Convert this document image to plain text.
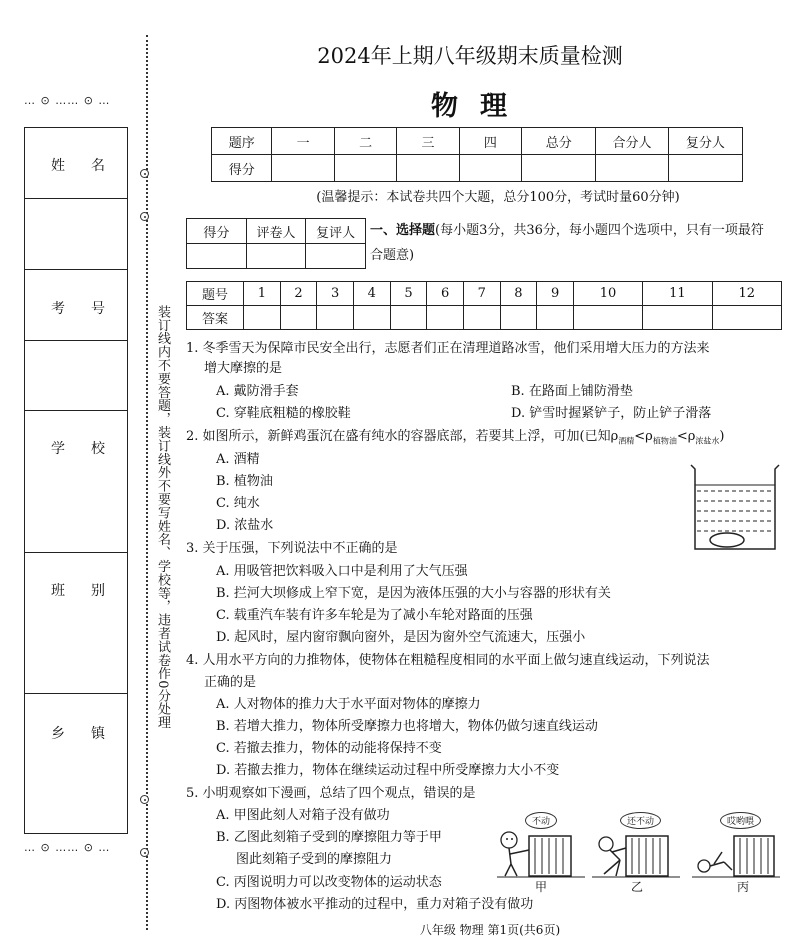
… ⊙ …… ⊙ …
姓名
考号
学校
班别
乡镇
… ⊙ …… ⊙ …
装订线内不要答题，装订线外不要写姓名、学校等，违者试卷作0分处理
2024年上期八年级期末质量检测
物理
题序	一	二	三	四	总分	合分人	复分人
得分							
(温馨提示：本试卷共四个大题，总分100分，考试时量60分钟)
得分	评卷人	复评人
		一、选择题(每小题3分，共36分，每小题四个选项中，只有一项最符
合题意)
题号	1	2	3	4	5	6	7	8	9	10	11	12
答案												
1. 冬季雪天为保障市民安全出行，志愿者们正在清理道路冰雪，他们采用增大压力的方法来
增大摩擦的是
A. 戴防滑手套	B. 在路面上铺防滑垫
C. 穿鞋底粗糙的橡胶鞋	D. 铲雪时握紧铲子，防止铲子滑落
2. 如图所示，新鲜鸡蛋沉在盛有纯水的容器底部，若要其上浮，可加(已知$\rho_{酒精}<\rho_{植物油}<\rho_{浓盐水}$)
A. 酒精
B. 植物油
C. 纯水
D. 浓盐水
3. 关于压强，下列说法中不正确的是
A. 用吸管把饮料吸入口中是利用了大气压强
B. 拦河大坝修成上窄下宽，是因为液体压强的大小与容器的形状有关
C. 载重汽车装有许多车轮是为了减小车轮对路面的压强
D. 起风时，屋内窗帘飘向窗外，是因为窗外空气流速大，压强小
4. 人用水平方向的力推物体，使物体在粗糙程度相同的水平面上做匀速直线运动，下列说法
正确的是
A. 人对物体的推力大于水平面对物体的摩擦力
B. 若增大推力，物体所受摩擦力也将增大，物体仍做匀速直线运动
C. 若撤去推力，物体的动能将保持不变
D. 若撤去推力，物体在继续运动过程中所受摩擦力大小不变
5. 小明观察如下漫画，总结了四个观点，错误的是
A. 甲图此刻人对箱子没有做功
B. 乙图此刻箱子受到的摩擦阻力等于甲
图此刻箱子受到的摩擦阻力
C. 丙图说明力可以改变物体的运动状态
D. 丙图物体被水平推动的过程中，重力对箱子没有做功
不动	还不动	哎哟喂
甲	乙	丙
八年级 物理 第1页(共6页)
